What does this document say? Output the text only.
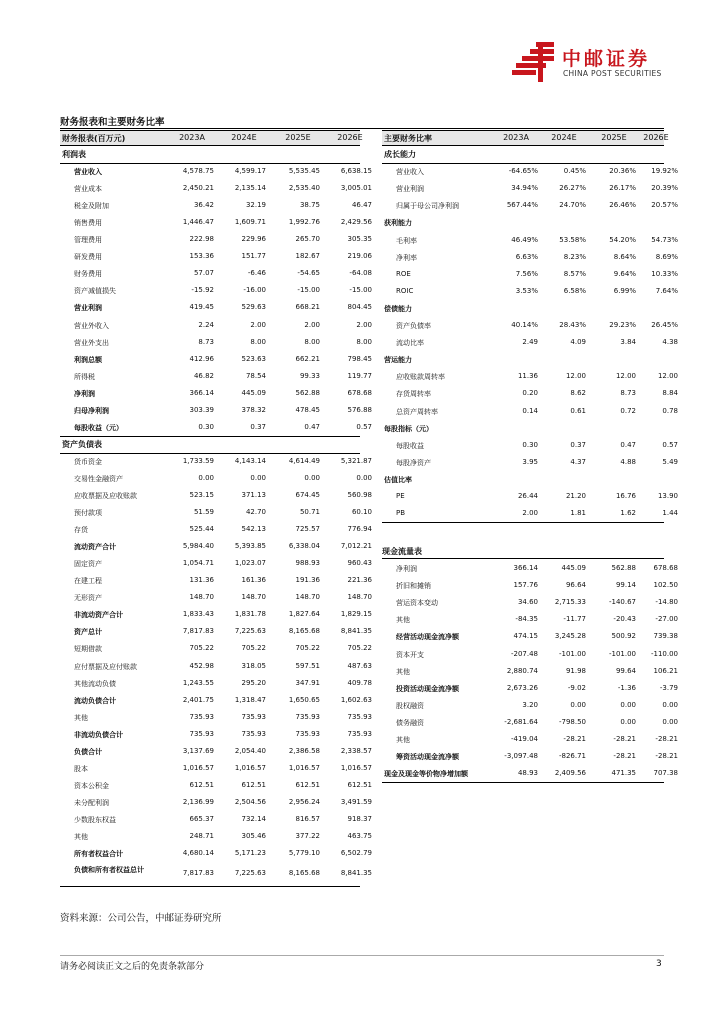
中邮证券
CHINA POST SECURITIES
财务报表和主要财务比率
财务报表(百万元)	2023A	2024E	2025E	2026E
利润表
营业收入	4,578.75	4,599.17	5,535.45	6,638.15
营业成本	2,450.21	2,135.14	2,535.40	3,005.01
税金及附加	36.42	32.19	38.75	46.47
销售费用	1,446.47	1,609.71	1,992.76	2,429.56
管理费用	222.98	229.96	265.70	305.35
研发费用	153.36	151.77	182.67	219.06
财务费用	57.07	-6.46	-54.65	-64.08
资产减值损失	-15.92	-16.00	-15.00	-15.00
营业利润	419.45	529.63	668.21	804.45
营业外收入	2.24	2.00	2.00	2.00
营业外支出	8.73	8.00	8.00	8.00
利润总额	412.96	523.63	662.21	798.45
所得税	46.82	78.54	99.33	119.77
净利润	366.14	445.09	562.88	678.68
归母净利润	303.39	378.32	478.45	576.88
每股收益（元）	0.30	0.37	0.47	0.57
资产负债表
货币资金	1,733.59	4,143.14	4,614.49	5,321.87
交易性金融资产	0.00	0.00	0.00	0.00
应收票据及应收账款	523.15	371.13	674.45	560.98
预付款项	51.59	42.70	50.71	60.10
存货	525.44	542.13	725.57	776.94
流动资产合计	5,984.40	5,393.85	6,338.04	7,012.21
固定资产	1,054.71	1,023.07	988.93	960.43
在建工程	131.36	161.36	191.36	221.36
无形资产	148.70	148.70	148.70	148.70
非流动资产合计	1,833.43	1,831.78	1,827.64	1,829.15
资产总计	7,817.83	7,225.63	8,165.68	8,841.35
短期借款	705.22	705.22	705.22	705.22
应付票据及应付账款	452.98	318.05	597.51	487.63
其他流动负债	1,243.55	295.20	347.91	409.78
流动负债合计	2,401.75	1,318.47	1,650.65	1,602.63
其他	735.93	735.93	735.93	735.93
非流动负债合计	735.93	735.93	735.93	735.93
负债合计	3,137.69	2,054.40	2,386.58	2,338.57
股本	1,016.57	1,016.57	1,016.57	1,016.57
资本公积金	612.51	612.51	612.51	612.51
未分配利润	2,136.99	2,504.56	2,956.24	3,491.59
少数股东权益	665.37	732.14	816.57	918.37
其他	248.71	305.46	377.22	463.75
所有者权益合计	4,680.14	5,171.23	5,779.10	6,502.79
负债和所有者权益总计	7,817.83	7,225.63	8,165.68	8,841.35
主要财务比率	2023A	2024E	2025E	2026E
成长能力
营业收入	-64.65%	0.45%	20.36%	19.92%
营业利润	34.94%	26.27%	26.17%	20.39%
归属于母公司净利润	567.44%	24.70%	26.46%	20.57%
获利能力
毛利率	46.49%	53.58%	54.20%	54.73%
净利率	6.63%	8.23%	8.64%	8.69%
ROE	7.56%	8.57%	9.64%	10.33%
ROIC	3.53%	6.58%	6.99%	7.64%
偿债能力
资产负债率	40.14%	28.43%	29.23%	26.45%
流动比率	2.49	4.09	3.84	4.38
营运能力
应收账款周转率	11.36	12.00	12.00	12.00
存货周转率	0.20	8.62	8.73	8.84
总资产周转率	0.14	0.61	0.72	0.78
每股指标（元）
每股收益	0.30	0.37	0.47	0.57
每股净资产	3.95	4.37	4.88	5.49
估值比率
PE	26.44	21.20	16.76	13.90
PB	2.00	1.81	1.62	1.44
现金流量表
净利润	366.14	445.09	562.88	678.68
折旧和摊销	157.76	96.64	99.14	102.50
营运资本变动	34.60	2,715.33	-140.67	-14.80
其他	-84.35	-11.77	-20.43	-27.00
经营活动现金流净额	474.15	3,245.28	500.92	739.38
资本开支	-207.48	-101.00	-101.00	-110.00
其他	2,880.74	91.98	99.64	106.21
投资活动现金流净额	2,673.26	-9.02	-1.36	-3.79
股权融资	3.20	0.00	0.00	0.00
债务融资	-2,681.64	-798.50	0.00	0.00
其他	-419.04	-28.21	-28.21	-28.21
筹资活动现金流净额	-3,097.48	-826.71	-28.21	-28.21
现金及现金等价物净增加额	48.93	2,409.56	471.35	707.38
资料来源：公司公告，中邮证券研究所
请务必阅读正文之后的免责条款部分	3
